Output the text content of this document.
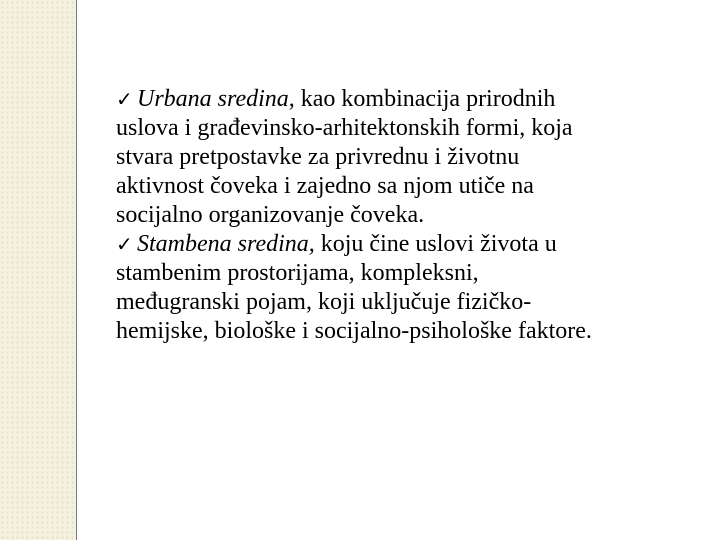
✓ Urbana sredina, kao kombinacija prirodnih
uslova i građevinsko-arhitektonskih formi, koja
stvara pretpostavke za privrednu i životnu
aktivnost čoveka i zajedno sa njom utiče na
socijalno organizovanje čoveka.

✓ Stambena sredina, koju čine uslovi života u
stambenim prostorijama, kompleksni,
međugranski pojam, koji uključuje fizičko-
hemijske, biološke i socijalno-psihološke faktore.
